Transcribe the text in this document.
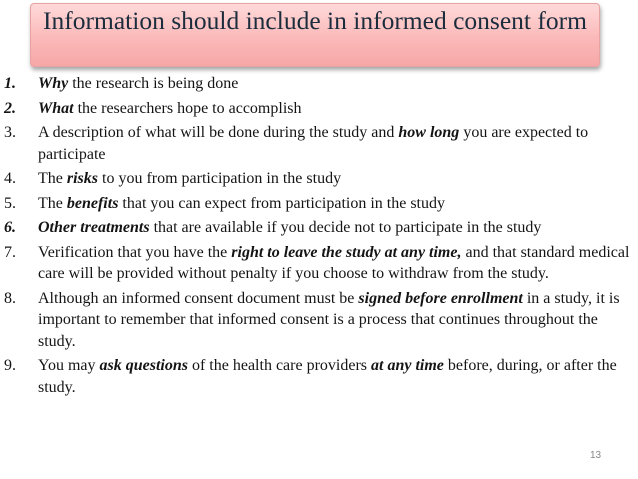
Information should include in informed consent form
1.	Why the research is being done
2.	What the researchers hope to accomplish
3.	A description of what will be done during the study and how long you are expected to participate
4.	The risks to you from participation in the study
5.	The benefits that you can expect from participation in the study
6.	Other treatments that are available if you decide not to participate in the study
7.	Verification that you have the right to leave the study at any time, and that standard medical care will be provided without penalty if you choose to withdraw from the study.
8.	Although an informed consent document must be signed before enrollment in a study, it is important to remember that informed consent is a process that continues throughout the study.
9.	You may ask questions of the health care providers at any time before, during, or after the study.
13
